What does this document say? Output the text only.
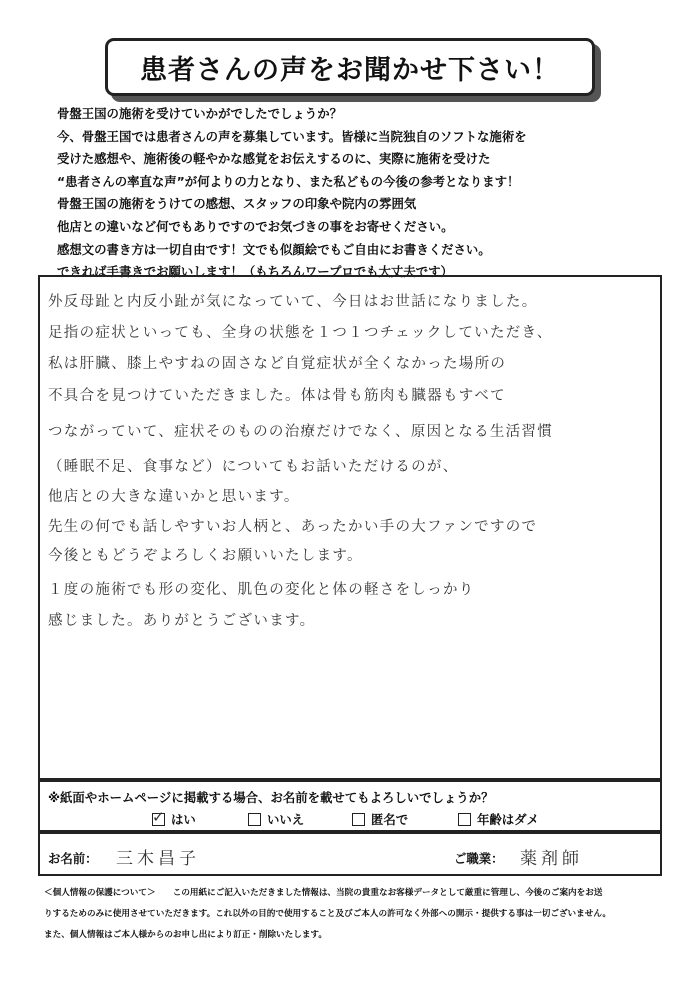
患者さんの声をお聞かせ下さい！
骨盤王国の施術を受けていかがでしたでしょうか？
今、骨盤王国では患者さんの声を募集しています。皆様に当院独自のソフトな施術を
受けた感想や、施術後の軽やかな感覚をお伝えするのに、実際に施術を受けた
“患者さんの率直な声”が何よりの力となり、また私どもの今後の参考となります！
骨盤王国の施術をうけての感想、スタッフの印象や院内の雰囲気
他店との違いなど何でもありですのでお気づきの事をお寄せください。
感想文の書き方は一切自由です！文でも似顔絵でもご自由にお書きください。
できれば手書きでお願いします！（もちろんワープロでも大丈夫です）
外反母趾と内反小趾が気になっていて、今日はお世話になりました。
足指の症状といっても、全身の状態を１つ１つチェックしていただき、
私は肝臓、膝上やすねの固さなど自覚症状が全くなかった場所の
不具合を見つけていただきました。体は骨も筋肉も臓器もすべて
つながっていて、症状そのものの治療だけでなく、原因となる生活習慣
（睡眠不足、食事など）についてもお話いただけるのが、
他店との大きな違いかと思います。
先生の何でも話しやすいお人柄と、あったかい手の大ファンですので
今後ともどうぞよろしくお願いいたします。
１度の施術でも形の変化、肌色の変化と体の軽さをしっかり
感じました。ありがとうございます。
※紙面やホームページに掲載する場合、お名前を載せてもよろしいでしょうか？
✓
はい	いいえ	匿名で	年齢はダメ
お名前： 三木昌子	ご職業： 薬剤師
＜個人情報の保護について＞　　この用紙にご記入いただきました情報は、当院の貴重なお客様データとして厳重に管理し、今後のご案内をお送
りするためのみに使用させていただきます。これ以外の目的で使用すること及びご本人の許可なく外部への開示・提供する事は一切ございません。
また、個人情報はご本人様からのお申し出により訂正・削除いたします。
